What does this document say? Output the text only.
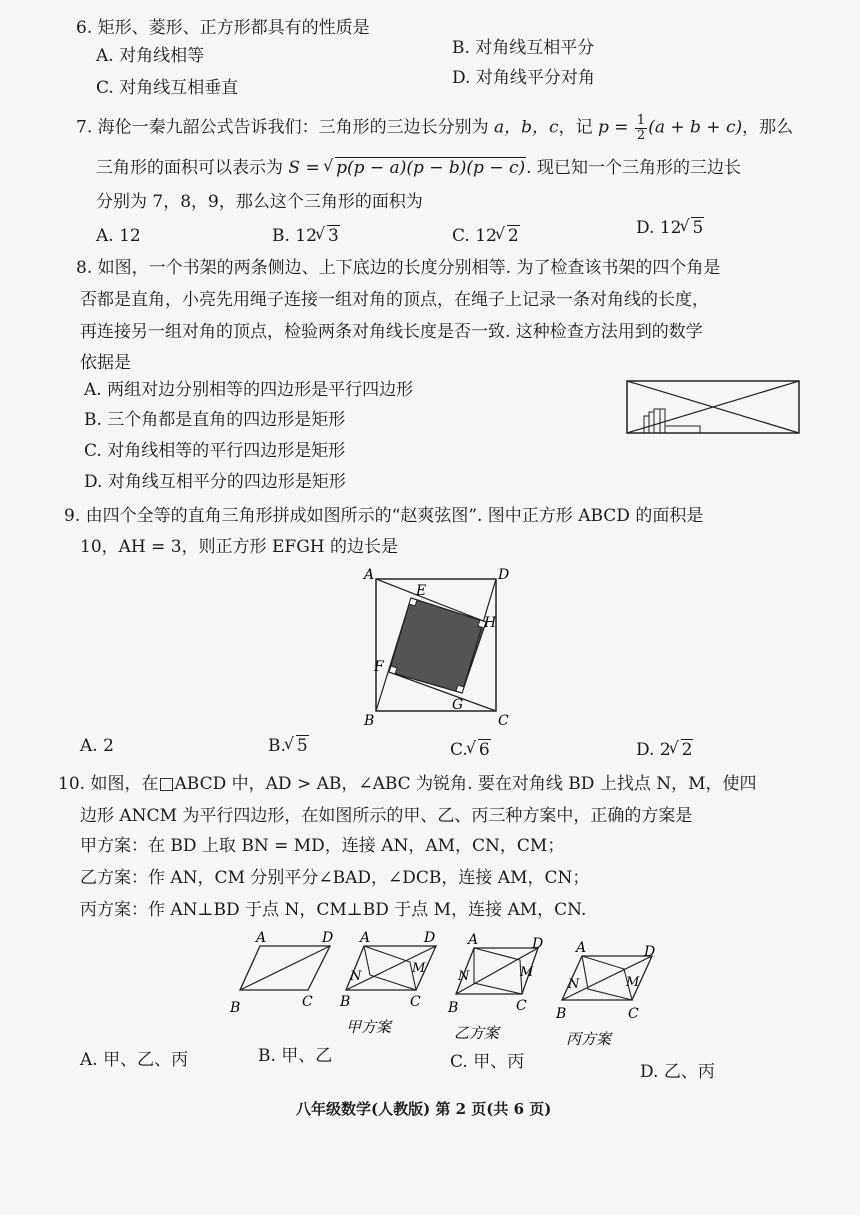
6. 矩形、菱形、正方形都具有的性质是
A. 对角线相等	B. 对角线互相平分
C. 对角线互相垂直	D. 对角线平分对角
7. 海伦一秦九韶公式告诉我们：三角形的三边长分别为 a，b，c，记 $p = \frac{1}{2} (a + b + c)$，那么
三角形的面积可以表示为 S = √ p(p − a)(p − b)(p − c). 现已知一个三角形的三边长
分别为 7，8，9，那么这个三角形的面积为
A. 12	B. 12 √ 3	C. 12 √ 2	D. 12 √ 5
8. 如图，一个书架的两条侧边、上下底边的长度分别相等. 为了检查该书架的四个角是
否都是直角，小亮先用绳子连接一组对角的顶点，在绳子上记录一条对角线的长度，
再连接另一组对角的顶点，检验两条对角线长度是否一致. 这种检查方法用到的数学
依据是
A. 两组对边分别相等的四边形是平行四边形
B. 三个角都是直角的四边形是矩形
C. 对角线相等的平行四边形是矩形
D. 对角线互相平分的四边形是矩形
9. 由四个全等的直角三角形拼成如图所示的“赵爽弦图”. 图中正方形 ABCD 的面积是
10，AH = 3，则正方形 EFGH 的边长是
A	D
B	C
E
F
G
H
A. 2	B. √ 5	C. √ 6	D. 2 √ 2
10. 如图，在□ABCD 中，AD > AB，∠ABC 为锐角. 要在对角线 BD 上找点 N，M，使四
边形 ANCM 为平行四边形，在如图所示的甲、乙、丙三种方案中，正确的方案是
甲方案：在 BD 上取 BN = MD，连接 AN，AM，CN，CM；
乙方案：作 AN，CM 分别平分∠BAD，∠DCB，连接 AM，CN；
丙方案：作 AN⊥BD 于点 N，CM⊥BD 于点 M，连接 AM，CN.
A	D
B	C
A	D
B	C
N
M
A	D
B	C
N	M
A	D
B	C
N	M
甲方案	乙方案	丙方案
A. 甲、乙、丙	B. 甲、乙	C. 甲、丙	D. 乙、丙
八年级数学(人教版) 第 2 页(共 6 页)
